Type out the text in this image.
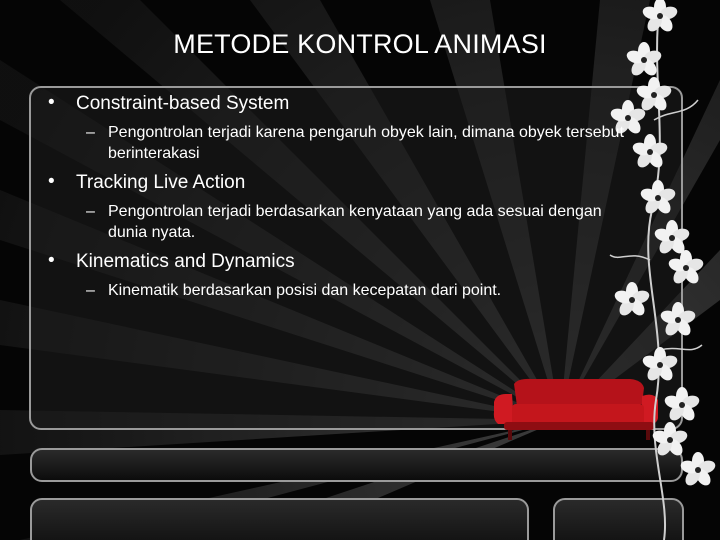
METODE KONTROL ANIMASI
• Constraint-based System
– Pengontrolan terjadi karena pengaruh obyek lain, dimana obyek tersebut berinterakasi
• Tracking Live Action
– Pengontrolan terjadi berdasarkan kenyataan yang ada sesuai dengan dunia nyata.
• Kinematics and Dynamics
– Kinematik berdasarkan posisi dan kecepatan dari point.
